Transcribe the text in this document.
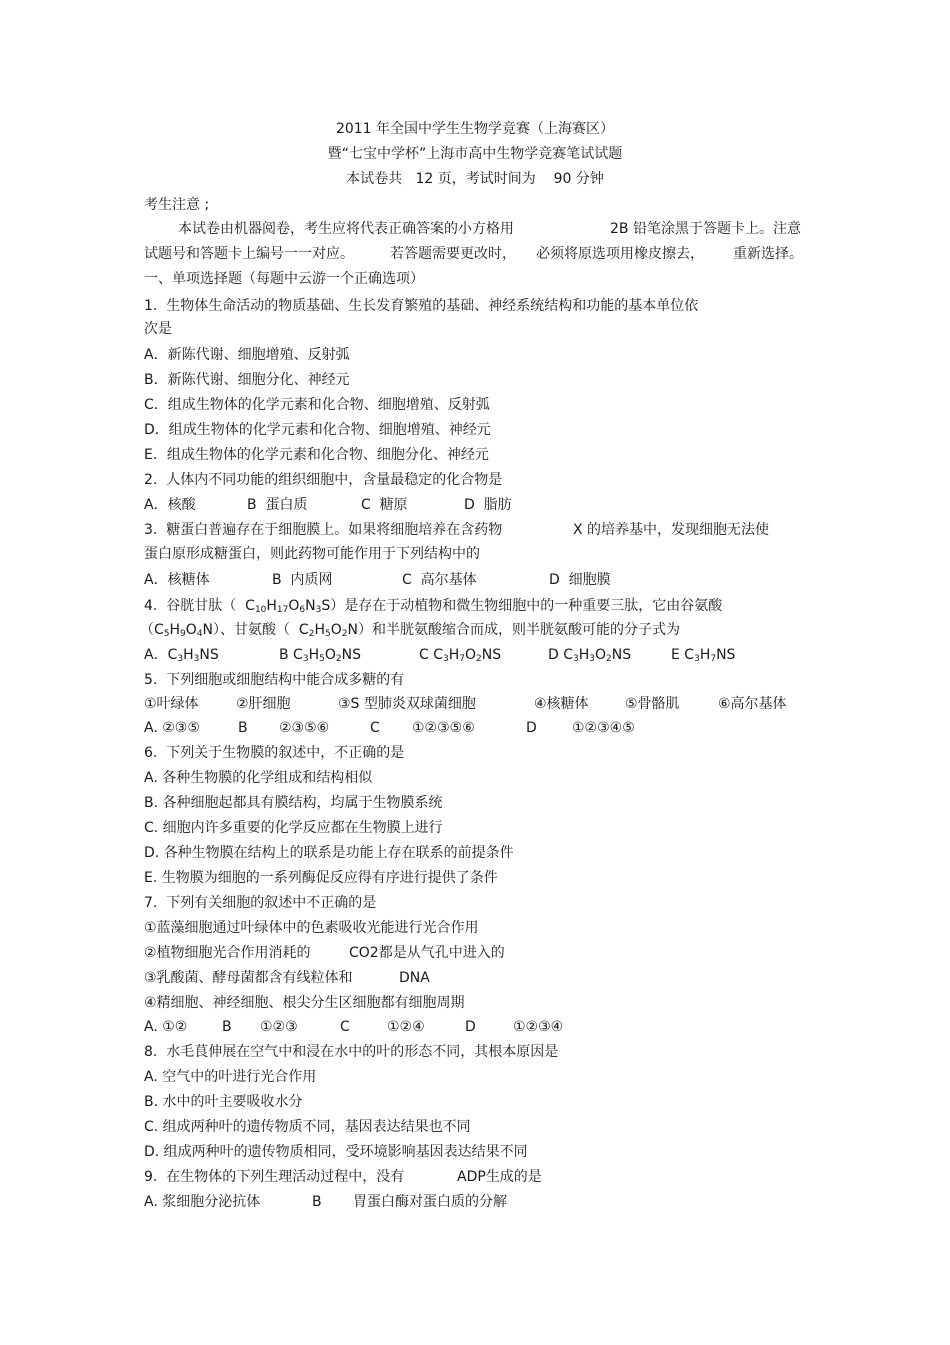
2011 年全国中学生生物学竞赛（上海赛区）
暨“七宝中学杯”上海市高中生物学竞赛笔试试题
本试卷共   12 页，考试时间为    90 分钟
考生注意 ;
本试卷由机器阅卷，考生应将代表正确答案的小方格用	2B 铅笔涂黑于答题卡上。注意
试题号和答题卡上编号一一对应。	若答题需要更改时， 必须将原选项用橡皮擦去， 重新选择。
一、单项选择题（每题中云游一个正确选项）
1.  生物体生命活动的物质基础、生长发育繁殖的基础、神经系统结构和功能的基本单位依
次是
A．新陈代谢、细胞增殖、反射弧
B．新陈代谢、细胞分化、神经元
C．组成生物体的化学元素和化合物、细胞增殖、反射弧
D．组成生物体的化学元素和化合物、细胞增殖、神经元
E．组成生物体的化学元素和化合物、细胞分化、神经元
2.  人体内不同功能的组织细胞中，含量最稳定的化合物是
A．核酸	B  蛋白质	C  糖原	D  脂肪
3.  糖蛋白普遍存在于细胞膜上。如果将细胞培养在含药物	X 的培养基中，发现细胞无法使
蛋白原形成糖蛋白，则此药物可能作用于下列结构中的
A．核糖体	B  内质网	C  高尔基体	D  细胞膜
4.  谷胱甘肽（  $C_{10}H_{17}O_6N_3S$）是存在于动植物和微生物细胞中的一种重要三肽，它由谷氨酸
$(C_5H_9O_4N)$、甘氨酸（  $C_2H_5O_2N$）和半胱氨酸缩合而成，则半胱氨酸可能的分子式为
A．$C_3H_3NS$	B $C_3H_5O_2NS$	C $C_3H_7O_2NS$	D $C_3H_3O_2NS$	E $C_3H_7NS$
5.  下列细胞或细胞结构中能合成多糖的有
①叶绿体	②肝细胞	③S 型肺炎双球菌细胞	④核糖体	⑤骨骼肌	⑥高尔基体
A. ②③⑤	B ②③⑤⑥	C ①②③⑤⑥	D	①②③④⑤
6.  下列关于生物膜的叙述中，不正确的是
A. 各种生物膜的化学组成和结构相似
B. 各种细胞起都具有膜结构，均属于生物膜系统
C. 细胞内许多重要的化学反应都在生物膜上进行
D. 各种生物膜在结构上的联系是功能上存在联系的前提条件
E. 生物膜为细胞的一系列酶促反应得有序进行提供了条件
7.  下列有关细胞的叙述中不正确的是
①蓝藻细胞通过叶绿体中的色素吸收光能进行光合作用
②植物细胞光合作用消耗的	CO2都是从气孔中进入的
③乳酸菌、酵母菌都含有线粒体和	DNA
④精细胞、神经细胞、根尖分生区细胞都有细胞周期
A. ①② B ①②③	C	①②④	D	①②③④
8.  水毛茛伸展在空气中和浸在水中的叶的形态不同，其根本原因是
A. 空气中的叶进行光合作用
B. 水中的叶主要吸收水分
C. 组成两种叶的遗传物质不同，基因表达结果也不同
D. 组成两种叶的遗传物质相同，受环境影响基因表达结果不同
9.  在生物体的下列生理活动过程中，没有	ADP生成的是
A. 浆细胞分泌抗体	B 胃蛋白酶对蛋白质的分解
